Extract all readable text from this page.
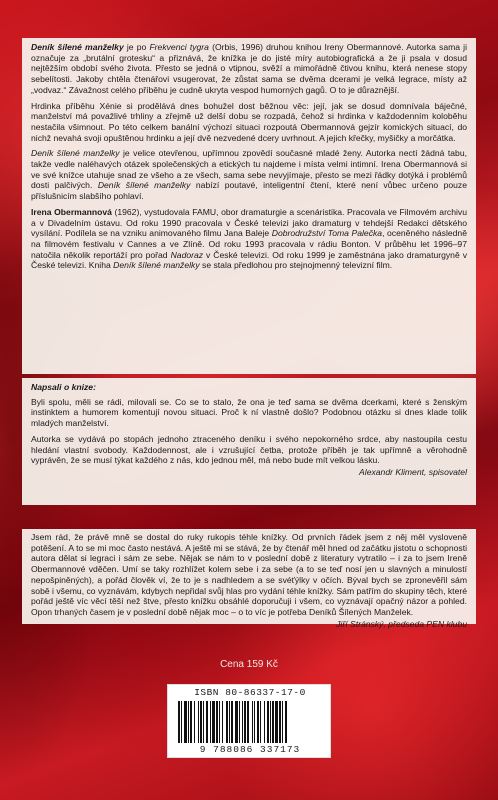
Deník šílené manželky je po Frekvenci tygra (Orbis, 1996) druhou knihou Ireny Obermannové. Autorka sama ji označuje za „brutální grotesku“ a přiznává, že knížka je do jisté míry autobiografická a že ji psala v dosud nejtěžším období svého života. Přesto se jedná o vtipnou, svěží a mimořádně čtivou knihu, která nenese stopy sebelítosti. Jakoby chtěla čtenářovi vsugerovat, že zůstat sama se dvěma dcerami je velká legrace, místy až „vodvaz.“ Závažnost celého příběhu je cudně ukryta vespod humorných gagů. O to je důraznější.

Hrdinka příběhu Xénie si prodělává dnes bohužel dost běžnou věc: její, jak se dosud domnívala báječné, manželství má považlivé trhliny a zřejmě už delší dobu se rozpadá, čehož si hrdinka v každodenním koloběhu nestačila všimnout. Po této celkem banální výchozí situaci rozpoutá Obermannová gejzír komických situací, do nichž nevahá svoji opuštěnou hrdinku a její dvě nezvedené dcery uvrhnout. A jejich křečky, myšičky a morčátka.

Deník šílené manželky je velice otevřenou, upřímnou zpovědí současné mladé ženy. Autorka nectí žádná tabu, takže vedle naléhavých otázek společenských a etických tu najdeme i místa velmi intimní. Irena Obermannová si ve své knížce utahuje snad ze všeho a ze všech, sama sebe nevyjímaje, přesto se mezi řádky dotýká i problémů dosti palčivých. Deník šílené manželky nabízí poutavé, inteligentní čtení, které není vůbec určeno pouze příslušnicím slabšího pohlaví.

Irena Obermannová (1962), vystudovala FAMU, obor dramaturgie a scenáristika. Pracovala ve Filmovém archivu a v Divadelním ústavu. Od roku 1990 pracovala v České televizi jako dramaturg v tehdejší Redakci dětského vysílání. Podílela se na vzniku animovaného filmu Jana Baleje Dobrodružství Toma Palečka, oceněného následně na filmovém festivalu v Cannes a ve Zlíně. Od roku 1993 pracovala v rádiu Bonton. V průběhu let 1996–97 natočila několik reportáží pro pořad Nadoraz v České televizi. Od roku 1999 je zaměstnána jako dramaturgyně v České televizi. Kniha Deník šílené manželky se stala předlohou pro stejnojmenný televizní film.

Napsali o knize:

Byli spolu, měli se rádi, milovali se. Co se to stalo, že ona je teď sama se dvěma dcerkami, které s ženským instinktem a humorem komentují novou situaci. Proč k ní vlastně došlo? Podobnou otázku si dnes klade tolik mladých manželství.

Autorka se vydává po stopách jednoho ztraceného deníku i svého nepokorného srdce, aby nastoupila cestu hledání vlastní svobody. Každodennost, ale i vzrušující četba, protože příběh je tak upřímně a věrohodně vyprávěn, že se musí týkat každého z nás, kdo jednou měl, má nebo bude mít velkou lásku.

Alexandr Kliment, spisovatel

Jsem rád, že právě mně se dostal do ruky rukopis téhle knížky. Od prvních řádek jsem z něj měl vysloveně potěšení. A to se mi moc často nestává. A ještě mi se stává, že by čtenář měl hned od začátku jistotu o schopnosti autora dělat si legraci i sám ze sebe. Nějak se nám to v poslední době z literatury vytratilo – i za to jsem Ireně Obermannové vděčen. Umí se taky rozhlížet kolem sebe i za sebe (a to se teď nosí jen u slavných a minulostí nepošpiněných), a pořád člověk ví, že to je s nadhledem a se svéťýlky v očích. Býval bych se zpronevěřil sám sobě i všemu, co vyznávám, kdybych nepřidal svůj hlas pro vydání téhle knížky. Sám patřím do skupiny těch, které pořád ještě víc věcí těší než štve, přesto knížku obsáhlé doporučuji i všem, co vyznávají opačný názor a pohled. Opon trhaných časem je v poslední době nějak moc – o to víc je potřeba Deníků Šílených Manželek.

Jiří Stránský, předseda PEN klubu
Cena 159 Kč
ISBN 80-86337-17-0
9 788086 337173
